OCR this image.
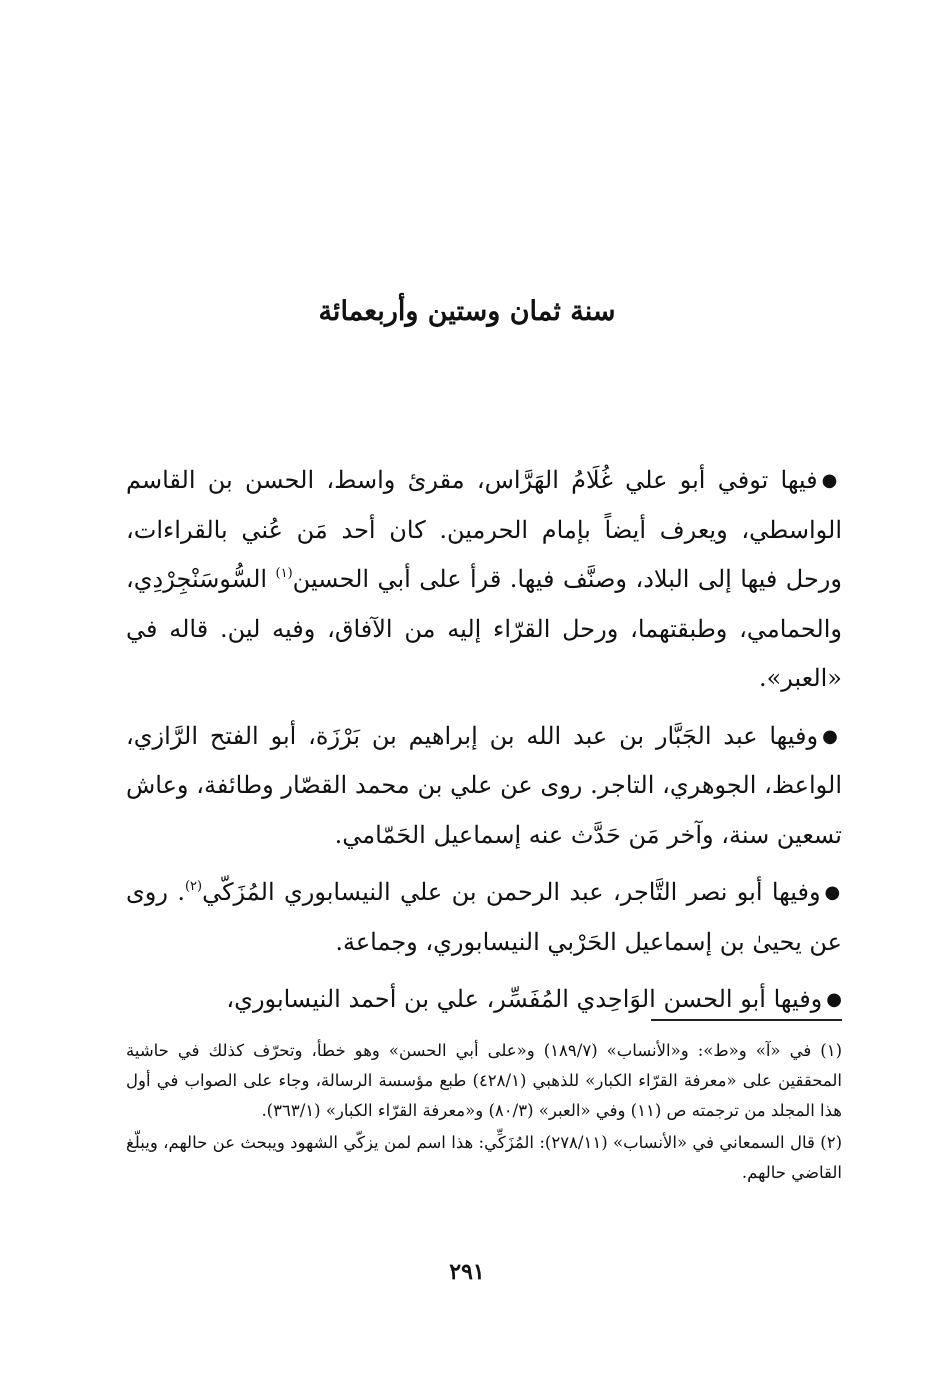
سنة ثمان وستين وأربعمائة

●فيها توفي أبو علي غُلَامُ الهَرَّاس، مقرئ واسط، الحسن بن القاسم الواسطي، ويعرف أيضاً بإمام الحرمين. كان أحد مَن عُني بالقراءات، ورحل فيها إلى البلاد، وصنَّف فيها. قرأ على أبي الحسين$^{(١)}$ السُّوسَنْجِرْدِي، والحمامي، وطبقتهما، ورحل القرّاء إليه من الآفاق، وفيه لين. قاله في «العبر».

●وفيها عبد الجَبَّار بن عبد الله بن إبراهيم بن بَرْزَة، أبو الفتح الرَّازي، الواعظ، الجوهري، التاجر. روى عن علي بن محمد القصّار وطائفة، وعاش تسعين سنة، وآخر مَن حَدَّث عنه إسماعيل الحَمّامي.

●وفيها أبو نصر التَّاجر، عبد الرحمن بن علي النيسابوري المُزَكّي$^{(٢)}$. روى عن يحيىٰ بن إسماعيل الحَرْبي النيسابوري، وجماعة.

●وفيها أبو الحسن الوَاحِدي المُفَسِّر، علي بن أحمد النيسابوري،

(١) في «آ» و«ط»: و«الأنساب» (١٨٩/٧) و«على أبي الحسن» وهو خطأ، وتحرّف كذلك في حاشية المحققين على «معرفة القرّاء الكبار» للذهبي (٤٢٨/١) طبع مؤسسة الرسالة، وجاء على الصواب في أول هذا المجلد من ترجمته ص (١١) وفي «العبر» (٨٠/٣) و«معرفة القرّاء الكبار» (٣٦٣/١).

(٢) قال السمعاني في «الأنساب» (٢٧٨/١١): المُزَكِّي: هذا اسم لمن يزكّي الشهود ويبحث عن حالهم، ويبلّغ القاضي حالهم.

٢٩١
